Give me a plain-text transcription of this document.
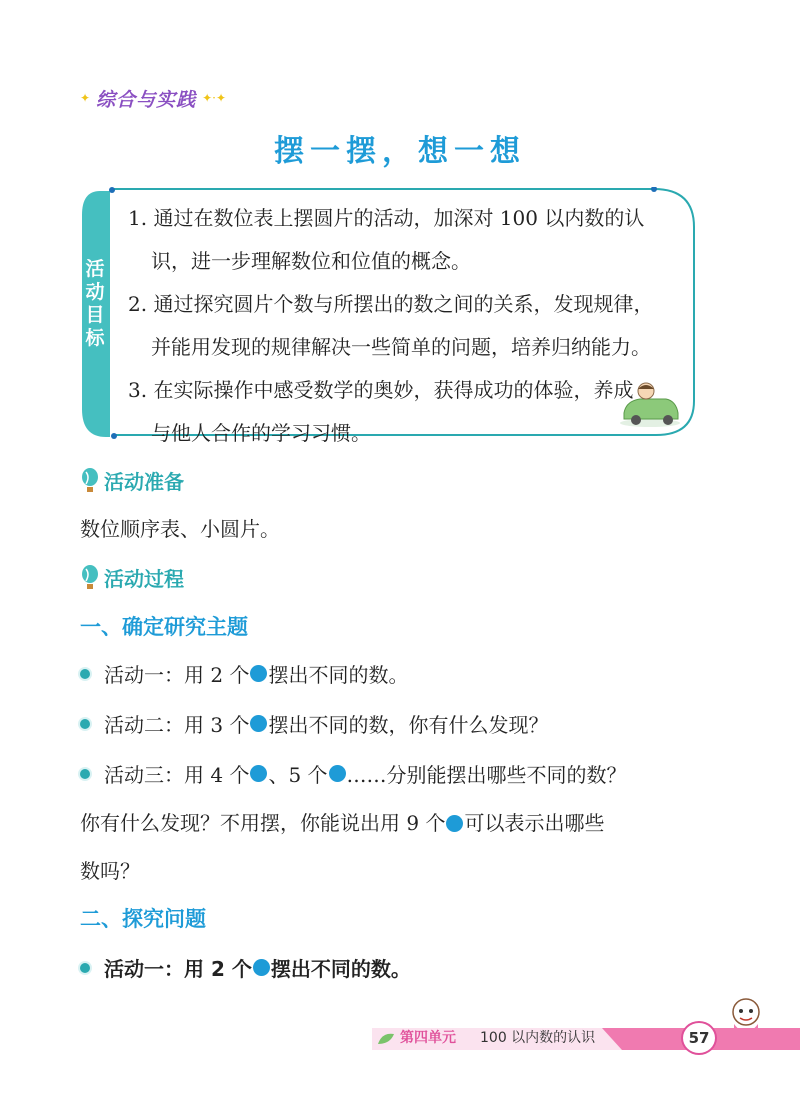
✦ 综合与实践 ✦·✦
摆一摆，想一想
活
动
目
标
1. 通过在数位表上摆圆片的活动，加深对 100 以内数的认
识，进一步理解数位和位值的概念。
2. 通过探究圆片个数与所摆出的数之间的关系，发现规律，
并能用发现的规律解决一些简单的问题，培养归纳能力。
3. 在实际操作中感受数学的奥妙，获得成功的体验，养成
与他人合作的学习习惯。
活动准备
数位顺序表、小圆片。
活动过程
一、确定研究主题
活动一：用 2 个 摆出不同的数。
活动二：用 3 个 摆出不同的数，你有什么发现？
活动三：用 4 个 、5 个 ……分别能摆出哪些不同的数？
你有什么发现？不用摆，你能说出用 9 个 可以表示出哪些
数吗？
二、探究问题
活动一：用 2 个 摆出不同的数。
第四单元 100 以内数的认识	57
